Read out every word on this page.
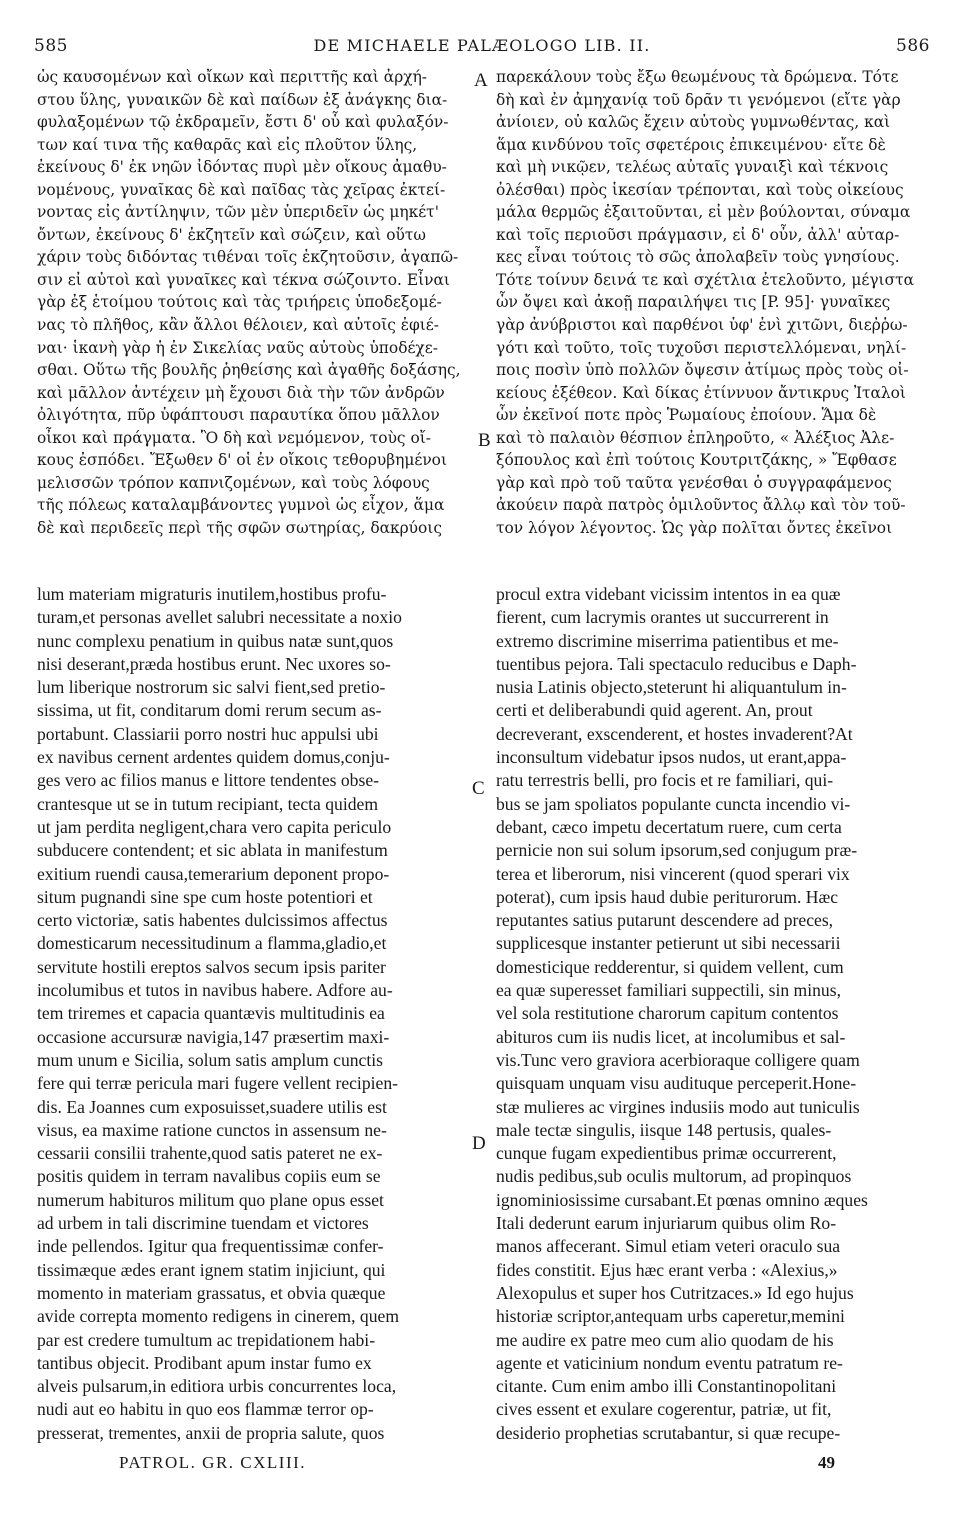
585	DE MICHAELE PALÆOLOGO LIB. II.	586
ὡς καυσομένων καὶ οἴκων καὶ περιττῆς καὶ ἀρχή-
στου ὕλης, γυναικῶν δὲ καὶ παίδων ἐξ ἀνάγκης δια-
φυλαξομένων τῷ ἐκδραμεῖν, ἔστι δ' οὗ καὶ φυλαξόν-
των καί τινα τῆς καθαρᾶς καὶ εἰς πλοῦτον ὕλης,
ἐκείνους δ' ἐκ νηῶν ἰδόντας πυρὶ μὲν οἴκους ἀμαθυ-
νομένους, γυναῖκας δὲ καὶ παῖδας τὰς χεῖρας ἐκτεί-
νοντας εἰς ἀντίληψιν, τῶν μὲν ὑπεριδεῖν ὡς μηκέτ'
ὄντων, ἐκείνους δ' ἐκζητεῖν καὶ σώζειν, καὶ οὕτω
χάριν τοὺς διδόντας τιθέναι τοῖς ἐκζητοῦσιν, ἀγαπῶ-
σιν εἰ αὐτοὶ καὶ γυναῖκες καὶ τέκνα σώζοιντο. Εἶναι
γὰρ ἐξ ἑτοίμου τούτοις καὶ τὰς τριήρεις ὑποδεξομέ-
νας τὸ πλῆθος, κἂν ἄλλοι θέλοιεν, καὶ αὐτοῖς ἐφιέ-
ναι· ἱκανὴ γὰρ ἡ ἐν Σικελίας ναῦς αὐτοὺς ὑποδέχε-
σθαι. Οὕτω τῆς βουλῆς ῥηθείσης καὶ ἀγαθῆς δοξάσης,
καὶ μᾶλλον ἀντέχειν μὴ ἔχουσι διὰ τὴν τῶν ἀνδρῶν
ὀλιγότητα, πῦρ ὑφάπτουσι παραυτίκα ὅπου μᾶλλον
οἶκοι καὶ πράγματα. Ὃ δὴ καὶ νεμόμενον, τοὺς οἴ-
κους ἐσπόδει. Ἔξωθεν δ' οἱ ἐν οἴκοις τεθορυβημένοι
μελισσῶν τρόπον καπνιζομένων, καὶ τοὺς λόφους
τῆς πόλεως καταλαμβάνοντες γυμνοὶ ὡς εἶχον, ἅμα
δὲ καὶ περιδεεῖς περὶ τῆς σφῶν σωτηρίας, δακρύοις
παρεκάλουν τοὺς ἔξω θεωμένους τὰ δρώμενα. Τότε
δὴ καὶ ἐν ἀμηχανίᾳ τοῦ δρᾶν τι γενόμενοι (εἴτε γὰρ
ἀνίοιεν, οὐ καλῶς ἔχειν αὐτοὺς γυμνωθέντας, καὶ
ἅμα κινδύνου τοῖς σφετέροις ἐπικειμένου· εἴτε δὲ
καὶ μὴ νικῷεν, τελέως αὐταῖς γυναιξὶ καὶ τέκνοις
ὀλέσθαι) πρὸς ἱκεσίαν τρέπονται, καὶ τοὺς οἰκείους
μάλα θερμῶς ἐξαιτοῦνται, εἰ μὲν βούλονται, σύναμα
καὶ τοῖς περιοῦσι πράγμασιν, εἰ δ' οὖν, ἀλλ' αὐταρ-
κες εἶναι τούτοις τὸ σῶς ἀπολαβεῖν τοὺς γνησίους.
Τότε τοίνυν δεινά τε καὶ σχέτλια ἐτελοῦντο, μέγιστα
ὧν ὄψει καὶ ἀκοῇ παραιλήψει τις [P. 95]· γυναῖκες
γὰρ ἀνύβριστοι καὶ παρθένοι ὑφ' ἑνὶ χιτῶνι, διεῤῥω-
γότι καὶ τοῦτο, τοῖς τυχοῦσι περιστελλόμεναι, νηλί-
ποις ποσὶν ὑπὸ πολλῶν ὄψεσιν ἀτίμως πρὸς τοὺς οἰ-
κείους ἐξέθεον. Καὶ δίκας ἐτίννυον ἄντικρυς Ἰταλοὶ
ὧν ἐκεῖνοί ποτε πρὸς Ῥωμαίους ἐποίουν. Ἅμα δὲ
καὶ τὸ παλαιὸν θέσπιον ἐπληροῦτο, « Ἀλέξιος Ἀλε-
ξόπουλος καὶ ἐπὶ τούτοις Κουτριτζάκης, » Ἔφθασε
γὰρ καὶ πρὸ τοῦ ταῦτα γενέσθαι ὁ συγγραφάμενος
ἀκούειν παρὰ πατρὸς ὁμιλοῦντος ἄλλῳ καὶ τὸν τοῦ-
τον λόγον λέγοντος. Ὡς γὰρ πολῖται ὄντες ἐκεῖνοι
A
B
lum materiam migraturis inutilem,hostibus profu-
turam,et personas avellet salubri necessitate a noxio
nunc complexu penatium in quibus natæ sunt,quos
nisi deserant,præda hostibus erunt. Nec uxores so-
lum liberique nostrorum sic salvi fient,sed pretio-
sissima, ut fit, conditarum domi rerum secum as-
portabunt. Classiarii porro nostri huc appulsi ubi
ex navibus cernent ardentes quidem domus,conju-
ges vero ac filios manus e littore tendentes obse-
crantesque ut se in tutum recipiant, tecta quidem
ut jam perdita negligent,chara vero capita periculo
subducere contendent; et sic ablata in manifestum
exitium ruendi causa,temerarium deponent propo-
situm pugnandi sine spe cum hoste potentiori et
certo victoriæ, satis habentes dulcissimos affectus
domesticarum necessitudinum a flamma,gladio,et
servitute hostili ereptos salvos secum ipsis pariter
incolumibus et tutos in navibus habere. Adfore au-
tem triremes et capacia quantævis multitudinis ea
occasione accursuræ navigia,147 præsertim maxi-
mum unum e Sicilia, solum satis amplum cunctis
fere qui terræ pericula mari fugere vellent recipien-
dis. Ea Joannes cum exposuisset,suadere utilis est
visus, ea maxime ratione cunctos in assensum ne-
cessarii consilii trahente,quod satis pateret ne ex-
positis quidem in terram navalibus copiis eum se
numerum habituros militum quo plane opus esset
ad urbem in tali discrimine tuendam et victores
inde pellendos. Igitur qua frequentissimæ confer-
tissimæque ædes erant ignem statim injiciunt, qui
momento in materiam grassatus, et obvia quæque
avide correpta momento redigens in cinerem, quem
par est credere tumultum ac trepidationem habi-
tantibus objecit. Prodibant apum instar fumo ex
alveis pulsarum,in editiora urbis concurrentes loca,
nudi aut eo habitu in quo eos flammæ terror op-
presserat, trementes, anxii de propria salute, quos
procul extra videbant vicissim intentos in ea quæ
fierent, cum lacrymis orantes ut succurrerent in
extremo discrimine miserrima patientibus et me-
tuentibus pejora. Tali spectaculo reducibus e Daph-
nusia Latinis objecto,steterunt hi aliquantulum in-
certi et deliberabundi quid agerent. An, prout
decreverant, exscenderent, et hostes invaderent?At
inconsultum videbatur ipsos nudos, ut erant,appa-
ratu terrestris belli, pro focis et re familiari, qui-
bus se jam spoliatos populante cuncta incendio vi-
debant, cæco impetu decertatum ruere, cum certa
pernicie non sui solum ipsorum,sed conjugum præ-
terea et liberorum, nisi vincerent (quod sperari vix
poterat), cum ipsis haud dubie periturorum. Hæc
reputantes satius putarunt descendere ad preces,
supplicesque instanter petierunt ut sibi necessarii
domesticique redderentur, si quidem vellent, cum
ea quæ superesset familiari suppectili, sin minus,
vel sola restitutione charorum capitum contentos
abituros cum iis nudis licet, at incolumibus et sal-
vis.Tunc vero graviora acerbioraque colligere quam
quisquam unquam visu audituque perceperit.Hone-
stæ mulieres ac virgines indusiis modo aut tuniculis
male tectæ singulis, iisque 148 pertusis, quales-
cunque fugam expedientibus primæ occurrerent,
nudis pedibus,sub oculis multorum, ad propinquos
ignominiosissime cursabant.Et pœnas omnino æques
Itali dederunt earum injuriarum quibus olim Ro-
manos affecerant. Simul etiam veteri oraculo sua
fides constitit. Ejus hæc erant verba : «Alexius,»
Alexopulus et super hos Cutritzaces.» Id ego hujus
historiæ scriptor,antequam urbs caperetur,memini
me audire ex patre meo cum alio quodam de his
agente et vaticinium nondum eventu patratum re-
citante. Cum enim ambo illi Constantinopolitani
cives essent et exulare cogerentur, patriæ, ut fit,
desiderio prophetias scrutabantur, si quæ recupe-
C
D
PATROL. GR. CXLIII.	49
